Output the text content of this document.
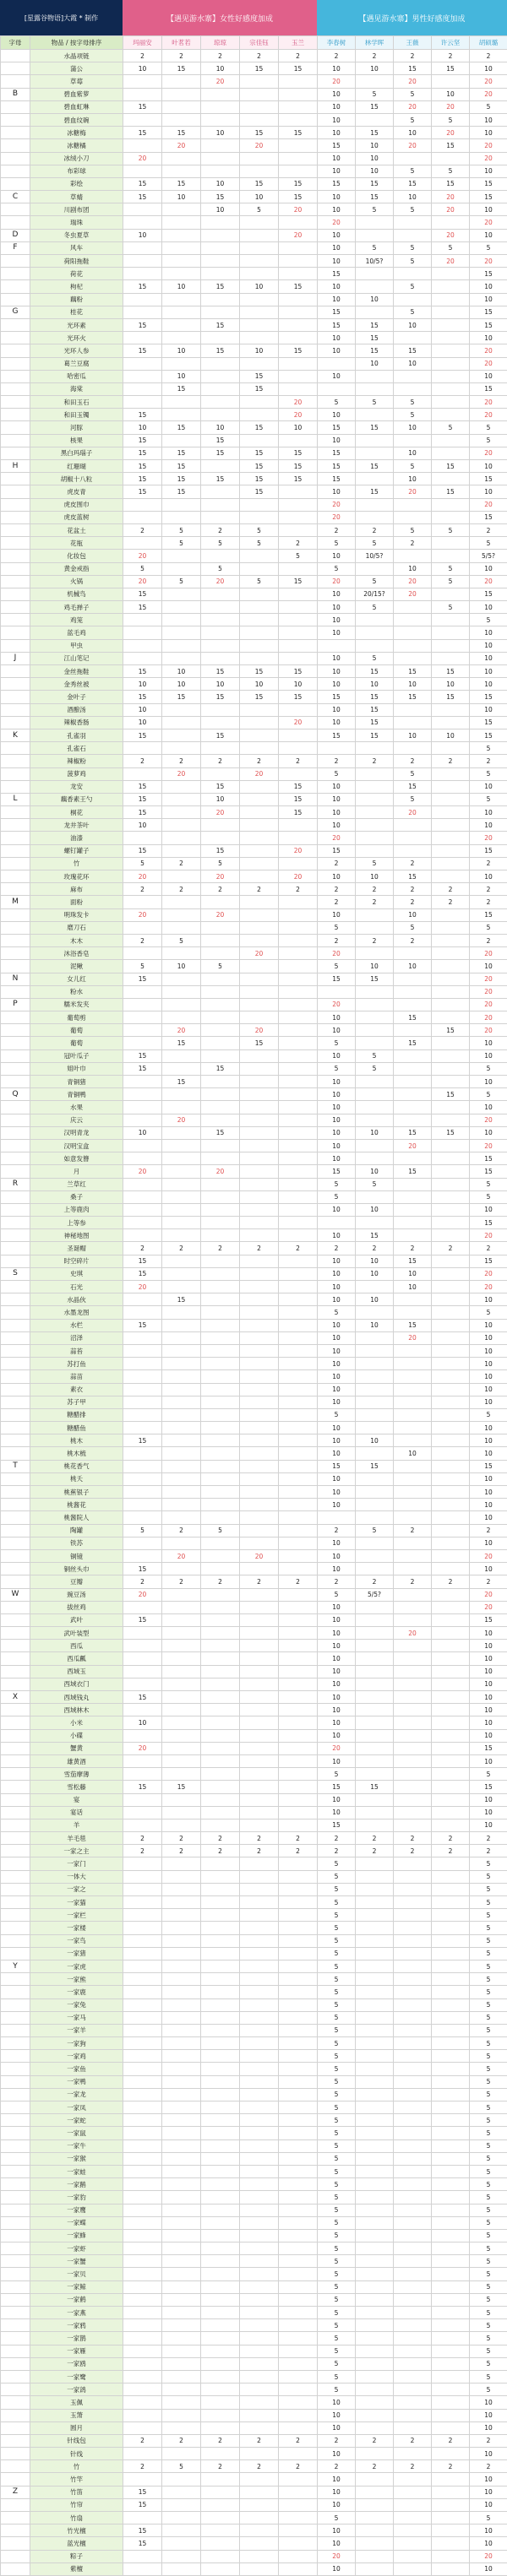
[星露谷物语]大霞 * 制作	【遇见游水寨】女性好感度加成	【遇见游水寨】男性好感度加成
字母	物品 / 按字母排序	玛丽安	叶茗若	琼琼	宗佳钰	玉兰	李春树	林学晖	王薇	许云坚	胡硕璐
	水晶项链	2	2	2	2	2	2	2	2	2	2
	蒲公	10	15	10	15	15	10	10	15	15	10
	草莓			20			20		20		20
B	碧血紫萝						10	5	5	10	20
	碧血虹琳	15					10	15	20	20	5
	碧血纹碗						10		5	5	10
	冰糖梅	15	15	10	15	15	10	15	10	20	10
	冰糖橘		20		20		15	10	20	15	20
	冰绒小刀	20					10	10			20
	布彩球						10	10	5	5	10
	彩绘	15	15	10	15	15	15	15	15	15	15
C	草蜻	15	10	15	10	15	10	15	10	20	15
	川剧布团			10	5	20	10	5	5	20	10
	瑞珠						20				20
D	冬虫夏草	10				20	10			20	10
F	风车						10	5	5	5	5
	荷阳拖鞋						10	10/5?	5	20	20
	荷花						15				15
	枸杞	15	10	15	10	15	10		5		10
	藕粉						10	10			10
G	桂花						15		5		15
	光环素	15		15			15	15	10		15
	光环火						10	15			10
	光环人参	15	10	15	10	15	10	15	15		20
	葛兰豆腐							10	10		20
	哈密瓜		10		15		10				10
	海棠		15		15						15
	和田玉石					20	5	5	5		20
	和田玉镯	15				20	10		5		20
	河豚	10	15	10	15	10	15	15	10	5	5
	核果	15		15			10				5
	黑白玛瑙子	15	15	15	15	15	15		10		20
H	红珊瑚	15	15		15	15	15	15	5	15	10
	胡椒十八粒	15	15	15	15	15	15		10		15
	虎皮青	15	15		15		10	15	20	15	10
	虎皮围巾						20				20
	虎皮蓝树						20				15
	花盆土	2	5	2	5		2	2	5	5	2
	花瓶		5	5	5	2	5	5	2		5
	化妆包	20				5	10	10/5?			5/5?
	黄金戒指	5		5			5		10	5	10
	火锅	20	5	20	5	15	20	5	20	5	20
	机械鸟	15					10	20/15?	20		15
	鸡毛掸子	15					10	5		5	10
	鸡笼						10				5
	蓝毛鸡						10				10
	甲虫										10
J	江山笔记						10	5			10
	金丝拖鞋	15	10	15	15	15	10	15	15	15	10
	金秀丝被	10	10	10	10	10	10	10	10	10	10
	金叶子	15	15	15	15	15	15	15	15	15	15
	酒酿汤	10					10	15			10
	辣椒香肠	10				20	10	15			15
K	孔雀羽	15		15			15	15	10	10	15
	孔雀石										5
	辣椒粉	2	2	2	2	2	2	2	2	2	2
	菠萝鸡		20		20		5		5		5
	龙安	15		15		15	10		15		10
L	藕香素王勺	15		10		15	10		5		5
	桐花	15		20		15	10		20		10
	龙井茶叶	10					10				10
	油漆						20				20
	螺钉罐子	15		15		20	15				15
	竹	5	2	5			2	5	2		2
	玫瑰花环	20		20		20	10	10	15		10
	麻布	2	2	2	2	2	2	2	2	2	2
M	面粉						2	2	2	2	2
	明珠发卡	20		20			10		10		15
	磨刀石						5		5		5
	木木	2	5				2	2	2		2
	沐浴香皂				20		20				20
	泥鳅	5	10	5			5	10	10		10
N	女儿红	15					15	15			20
	粉水										20
P	糯米发夹						20				20
	葡萄剪						10		15		20
	葡萄		20		20		10			15	20
	葡萄		15		15		5		15		10
	冠叶瓜子	15					10	5			10
	姐叶巾	15		15			5	5			5
	青铜猪		15				10				10
Q	青铜鸭						10			15	5
	水果						10				10
	庆云		20				10				20
	汉明青龙	10		15			10	10	15	15	10
	汉明宝盒						10		20		20
	如意发簪						10				15
	月	20		20			15	10	15		15
R	兰草红						5	5			5
	桑子						5				5
	上等鹿肉						10	10			10
	上等参										15
	神秘地图						10	15			20
	圣诞帽	2	2	2	2	2	2	2	2	2	2
	时空碎片	15					10	10	15		15
S	史琪	15					10	10	10		20
	石光	20					10		10		20
	水晶伙		15				10	10			10
	水墨龙图						5				5
	水栏	15					10	10	15		10
	沼泽						10		20		10
	蒜苔						10				10
	苏打鱼						10				10
	蒜苗						10				10
	素衣						10				10
	苏子甲						10				10
	糖醋排						5				5
	糖醋鱼						10				10
	桃木	15					10	10			10
	桃木梳						10		10		10
T	桃花香气						15	15			15
	桃夭						10				10
	桃蕉银子						10				10
	桃酱花						10				10
	桃酱院人										10
	陶罐	5	2	5			2	5	2		2
	铁苏						10				10
	铜镜		20		20		10				20
	铜丝头巾	15					10				10
	豆瓣	2	2	2	2	2	2	2	2	2	2
W	豌豆汤	20					5	5/5?			20
	拔丝鸡						10				20
	武叶	15					10				15
	武叶装型						10		20		10
	西瓜						10				10
	西瓜瓤						10				10
	西域玉						10				10
	西域衣门						10				10
X	西域钱丸	15					10				10
	西域林木						10				10
	小米	10					10				10
	小碟						10				10
	蟹黄	20					20				15
	雄黄酒						10				10
	雪茄摩薄						5				5
	雪松藤	15	15				15	15			15
	宴						10				10
	宴话						10				10
	羊						15				10
	羊毛毯	2	2	2	2	2	2	2	2	2	2
	一家之主	2	2	2	2	2	2	2	2	2	2
	一家门						5				5
	一体大						5				5
	一家之						5				5
	一家猫						5				5
	一家栏						5				5
	一家楼						5				5
	一家鸟						5				5
	一家猪						5				5
Y	一家虎						5				5
	一家熊						5				5
	一家鹿						5				5
	一家兔						5				5
	一家马						5				5
	一家羊						5				5
	一家狗						5				5
	一家鸡						5				5
	一家鱼						5				5
	一家鸭						5				5
	一家龙						5				5
	一家凤						5				5
	一家蛇						5				5
	一家鼠						5				5
	一家牛						5				5
	一家猴						5				5
	一家蛙						5				5
	一家鹅						5				5
	一家豹						5				5
	一家鹰						5				5
	一家蝶						5				5
	一家蜂						5				5
	一家虾						5				5
	一家蟹						5				5
	一家贝						5				5
	一家鲸						5				5
	一家鹤						5				5
	一家燕						5				5
	一家鸦						5				5
	一家鹊						5				5
	一家雁						5				5
	一家鸥						5				5
	一家鹭						5				5
	一家鸽						5				5
	玉佩						10				10
	玉箫						10				10
	圆月						10				10
	针线包	2	2	2	2	2	2	2	2	2	2
	针线						10				10
	竹	2	5	2	2	2	2	2	2	2	2
	竹竿						10				10
Z	竹笛	15					10				10
	竹帘	15					10				10
	竹扇						5				5
	竹光檀	15					10				10
	蓝光檀	15					10				10
	粽子						20				20
	紫檀						10				10
